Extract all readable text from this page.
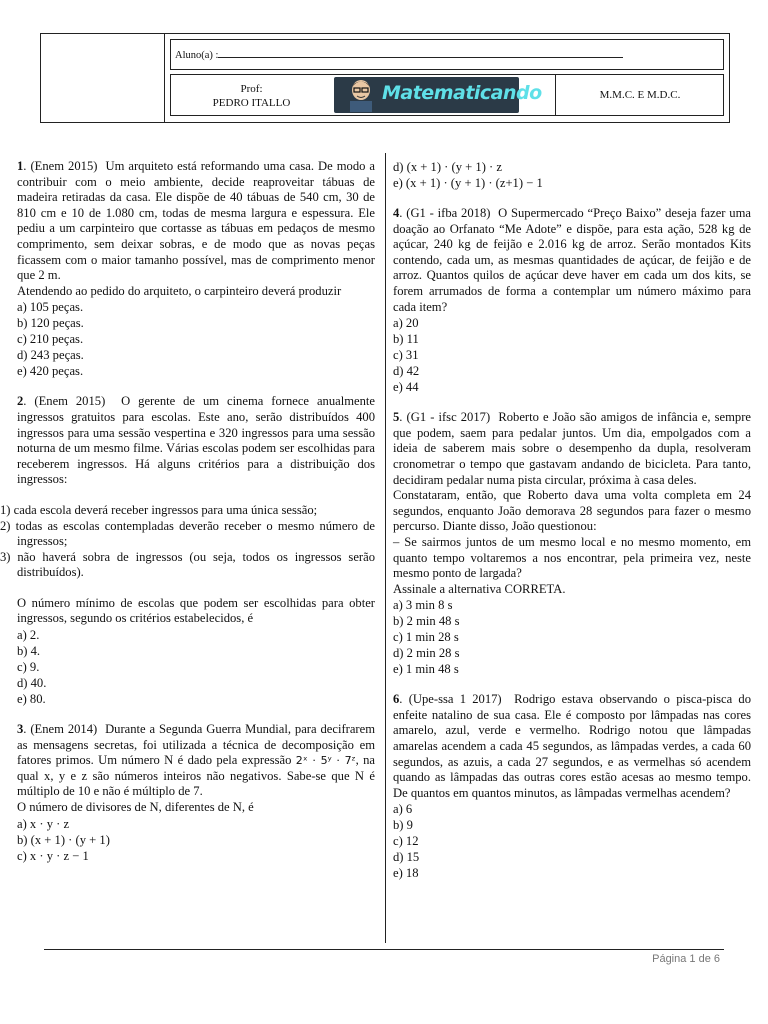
Aluno(a) :
Prof:
PEDRO ITALLO	Matematicando	M.M.C. E M.D.C.

1. (Enem 2015) Um arquiteto está reformando uma casa. De modo a contribuir com o meio ambiente, decide reaproveitar tábuas de madeira retiradas da casa. Ele dispõe de 40 tábuas de 540 cm, 30 de 810 cm e 10 de 1.080 cm, todas de mesma largura e espessura. Ele pediu a um carpinteiro que cortasse as tábuas em pedaços de mesmo comprimento, sem deixar sobras, e de modo que as novas peças ficassem com o maior tamanho possível, mas de comprimento menor que 2 m.

Atendendo ao pedido do arquiteto, o carpinteiro deverá produzir

a) 105 peças.

b) 120 peças.

c) 210 peças.

d) 243 peças.

e) 420 peças.

2. (Enem 2015) O gerente de um cinema fornece anualmente ingressos gratuitos para escolas. Este ano, serão distribuídos 400 ingressos para uma sessão vespertina e 320 ingressos para uma sessão noturna de um mesmo filme. Várias escolas podem ser escolhidas para receberem ingressos. Há alguns critérios para a distribuição dos ingressos:

1) cada escola deverá receber ingressos para uma única sessão;

2) todas as escolas contempladas deverão receber o mesmo número de ingressos;

3) não haverá sobra de ingressos (ou seja, todos os ingressos serão distribuídos).

O número mínimo de escolas que podem ser escolhidas para obter ingressos, segundo os critérios estabelecidos, é

a) 2.

b) 4.

c) 9.

d) 40.

e) 80.

3. (Enem 2014) Durante a Segunda Guerra Mundial, para decifrarem as mensagens secretas, foi utilizada a técnica de decomposição em fatores primos. Um número N é dado pela expressão 2ˣ · 5ʸ · 7ᶻ, na qual x, y e z são números inteiros não negativos. Sabe-se que N é múltiplo de 10 e não é múltiplo de 7.

O número de divisores de N, diferentes de N, é

a) x · y · z

b) (x + 1) · (y + 1)

c) x · y · z − 1

d) (x + 1) · (y + 1) · z

e) (x + 1) · (y + 1) · (z+1) − 1

4. (G1 - ifba 2018) O Supermercado “Preço Baixo” deseja fazer uma doação ao Orfanato “Me Adote” e dispõe, para esta ação, 528 kg de açúcar, 240 kg de feijão e 2.016 kg de arroz. Serão montados Kits contendo, cada um, as mesmas quantidades de açúcar, de feijão e de arroz. Quantos quilos de açúcar deve haver em cada um dos kits, se forem arrumados de forma a contemplar um número máximo para cada item?

a) 20

b) 11

c) 31

d) 42

e) 44

5. (G1 - ifsc 2017) Roberto e João são amigos de infância e, sempre que podem, saem para pedalar juntos. Um dia, empolgados com a ideia de saberem mais sobre o desempenho da dupla, resolveram cronometrar o tempo que gastavam andando de bicicleta. Para tanto, decidiram pedalar numa pista circular, próxima à casa deles.

Constataram, então, que Roberto dava uma volta completa em 24 segundos, enquanto João demorava 28 segundos para fazer o mesmo percurso. Diante disso, João questionou:

– Se sairmos juntos de um mesmo local e no mesmo momento, em quanto tempo voltaremos a nos encontrar, pela primeira vez, neste mesmo ponto de largada?

Assinale a alternativa CORRETA.

a) 3 min 8 s

b) 2 min 48 s

c) 1 min 28 s

d) 2 min 28 s

e) 1 min 48 s

6. (Upe-ssa 1 2017) Rodrigo estava observando o pisca-pisca do enfeite natalino de sua casa. Ele é composto por lâmpadas nas cores amarelo, azul, verde e vermelho. Rodrigo notou que lâmpadas amarelas acendem a cada 45 segundos, as lâmpadas verdes, a cada 60 segundos, as azuis, a cada 27 segundos, e as vermelhas só acendem quando as lâmpadas das outras cores estão acesas ao mesmo tempo. De quantos em quantos minutos, as lâmpadas vermelhas acendem?

a) 6

b) 9

c) 12

d) 15

e) 18

Página 1 de 6
